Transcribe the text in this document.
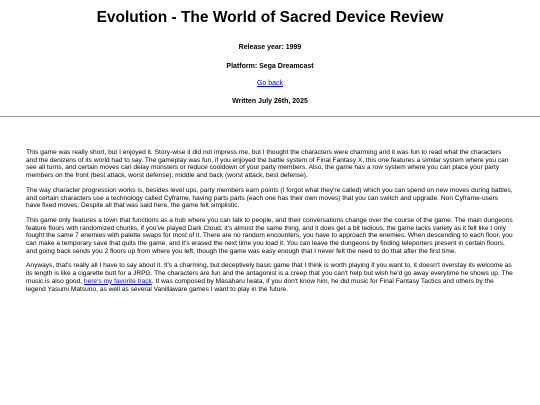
Evolution - The World of Sacred Device Review

Release year: 1999

Platform: Sega Dreamcast

Go back

Written July 26th, 2025

This game was really short, but I enjoyed it. Story-wise it did not impress me, but I thought the characters were charming and it was fun to read what the characters and the denizens of its world had to say. The gameplay was fun, if you enjoyed the battle system of Final Fantasy X, this one features a similar system where you can see all turns, and certain moves can delay monsters or reduce cooldown of your party members. Also, the game has a row system where you can place your party members on the front (best attack, worst defense), middle and back (worst attack, best defense).

The way character progression works is, besides level ups, party members earn points (I forgot what they're called) which you can spend on new moves during battles, and certain characters use a technology called Cyframe, having parts parts (each one has their own moves) that you can switch and upgrade. Non Cyframe-users have fixed moves. Despite all that was said here, the game felt simplistic.

This game only features a town that functions as a hub where you can talk to people, and their conversations change over the course of the game. The main dungeons feature floors with randomized chunks, if you've played Dark Cloud, it's almost the same thing, and it does get a bit tedious, the game lacks variety as it felt like I only fought the same 7 enemies with palette swaps for most of it. There are no random encounters, you have to approach the enemies. When descending to each floor, you can make a temporary save that quits the game, and it's erased the next time you load it. You can leave the dungeons by finding teleporters present in certain floors, and going back sends you 2 floors up from where you left, though the game was easy enough that I never felt the need to do that after the first time.

Anyways, that's really all I have to say about it. It's a charming, but deceptively basic game that I think is worth playing if you want to, it doesn't overstay its welcome as its length is like a cigarette butt for a JRPG. The characters are fun and the antagonist is a creep that you can't help but wish he'd go away everytime he shows up. The music is also good, here's my favorite track. It was composed by Masaharu Iwata, if you don't know him, he did music for Final Fantasy Tactics and others by the legend Yasumi Matsuno, as well as several Vanillaware games I want to play in the future.
